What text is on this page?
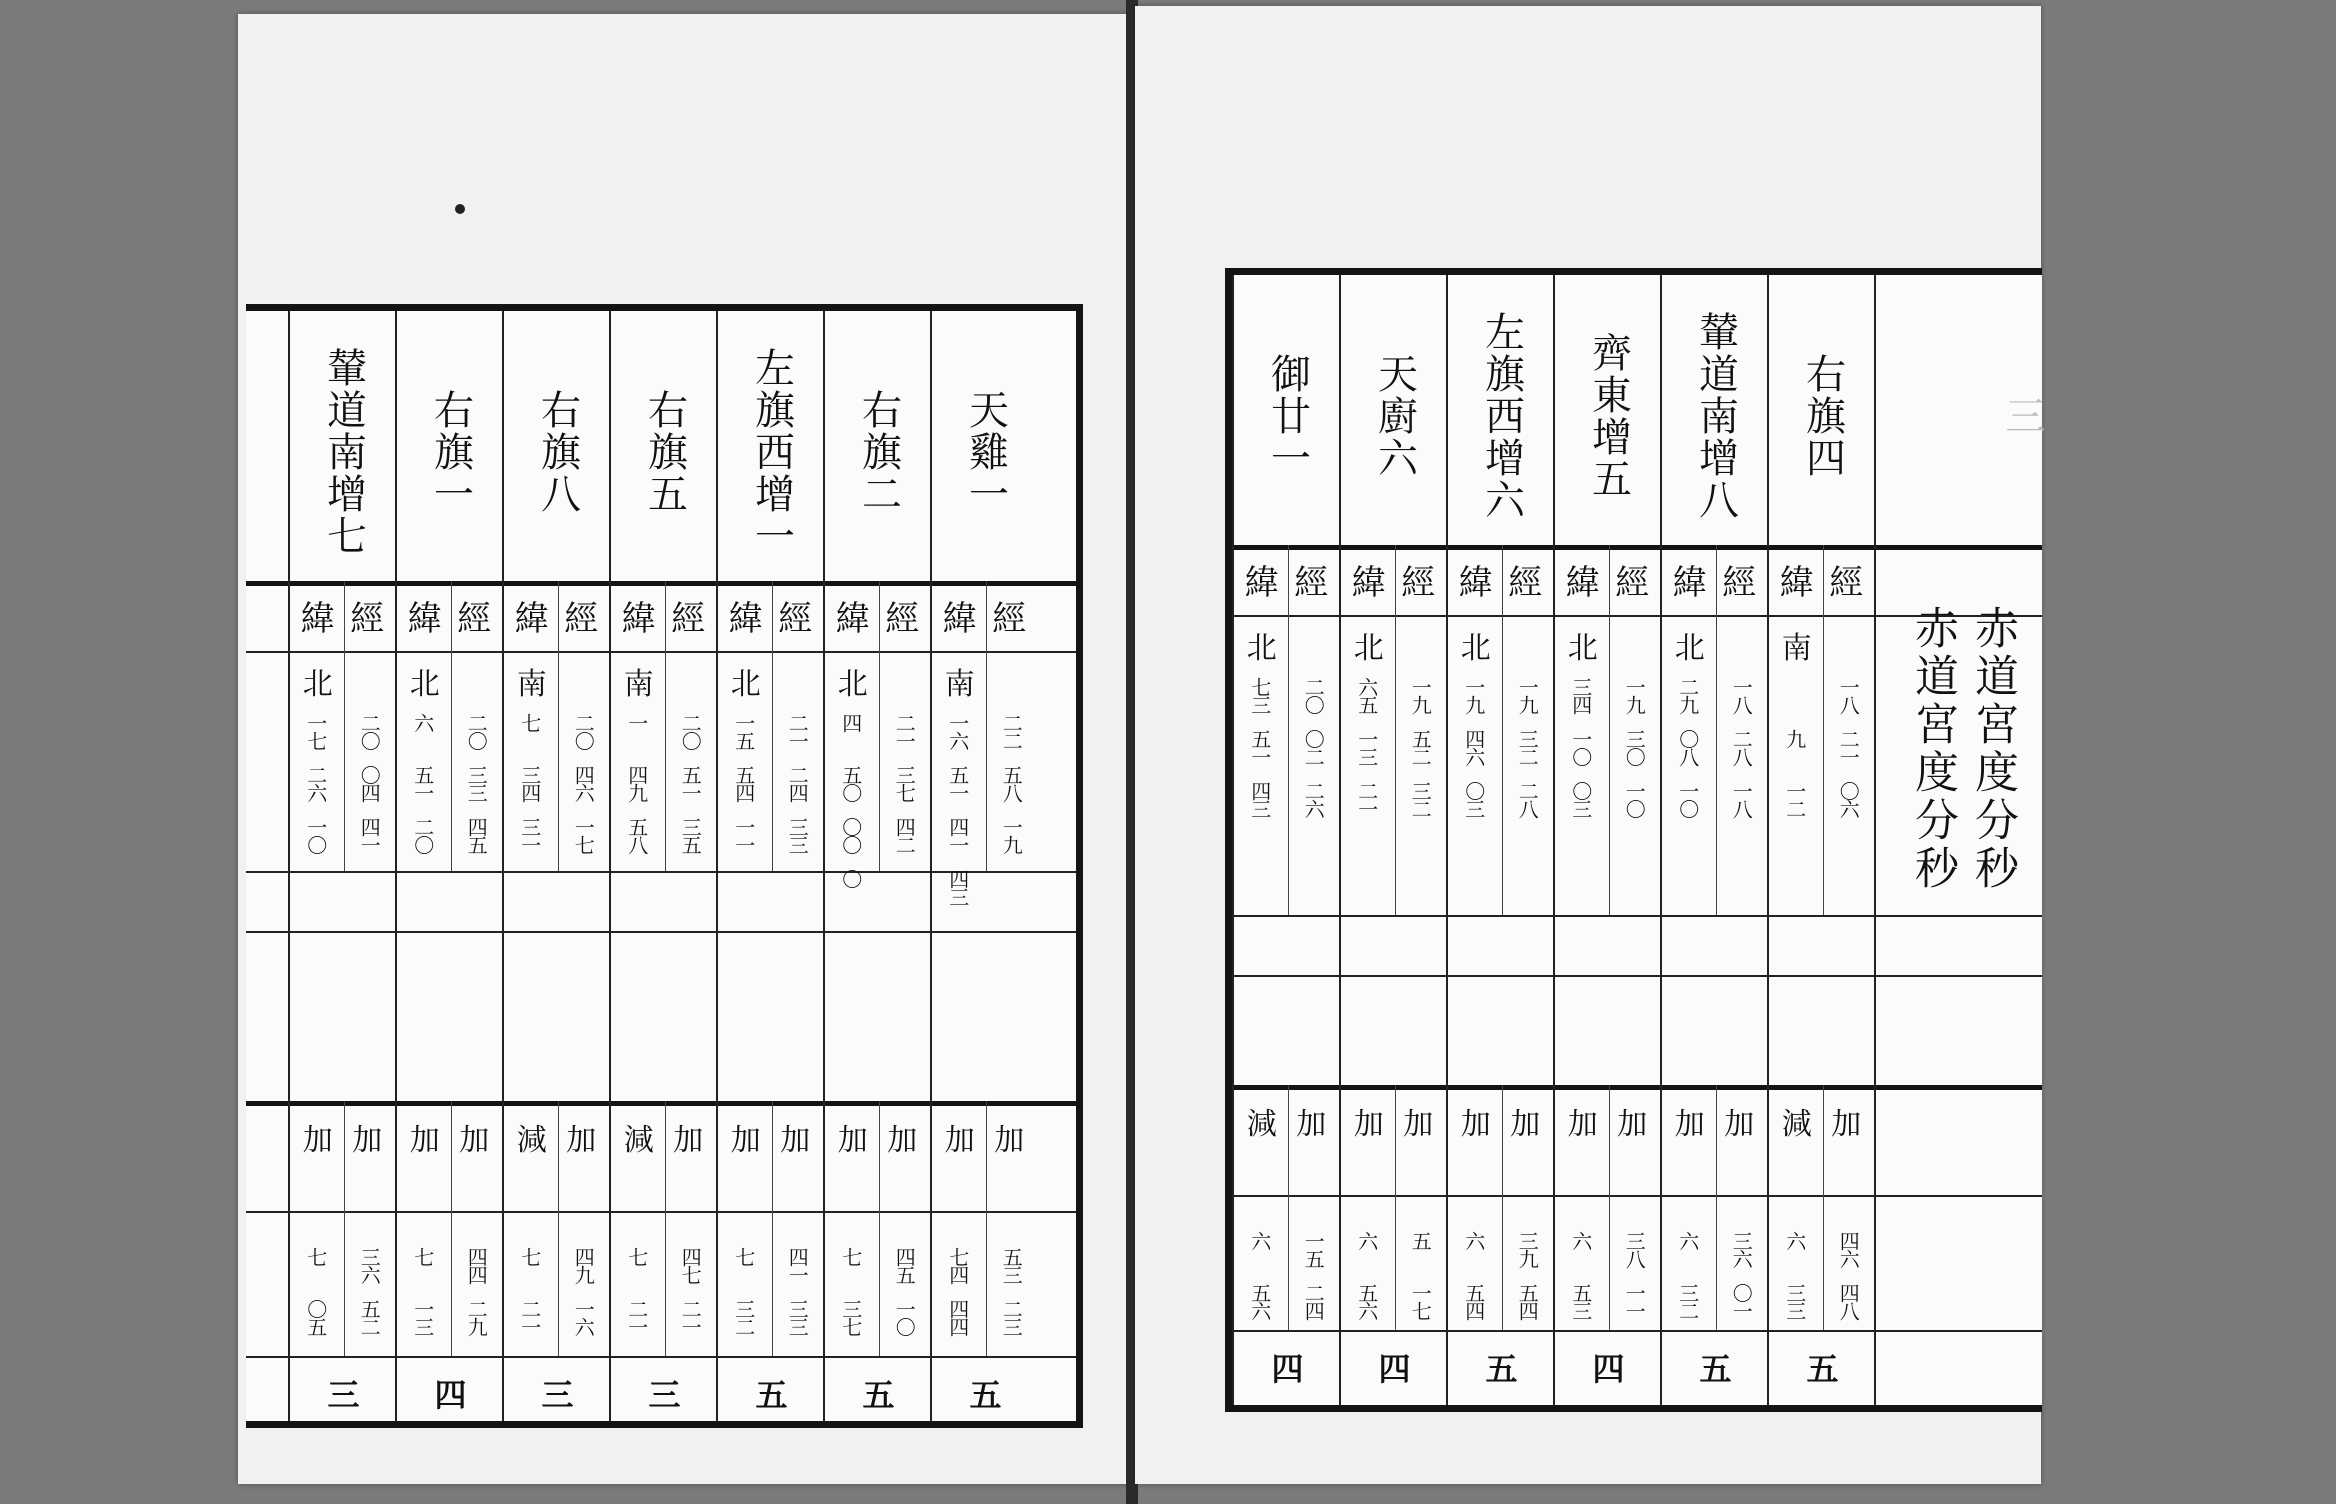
天雞一
緯 經
南
一六
五一
四一
四三
二二
五八
一九
加 加
七四
四四
五三
二三
五
右旗二
緯 經
北
四
五〇
〇〇
〇
二一
三七
四二
加 加
七
三七
四五
一〇
五
左旗西增一
緯 經
北
一五
五四
一一
二一
二四
三三
加 加
七
三二
四一
三三
五
右旗五
緯 經
南
一
四九
五八
二〇
五一
三五
減 加
七
二一
四七
二一
三
右旗八
緯 經
南
七
三四
三一
二〇
四六
一七
減 加
七
二一
四九
一六
三
右旗一
緯 經
北
六
五一
二〇
二〇
三三
四五
加 加
七
一三
四四
二九
四
輦道南增七
緯 經
北
一七
二六
一〇
二〇
〇四
四一
加 加
七
〇五
三六
五二
三
御廿一
緯 經
北
七三
五一
四三
二〇
〇二
二六
減 加
六
五六
一五
二四
四
天廚六
緯 經
北
六五
一三
二一
一九
五二
三二
加 加
六
五六
五
一七
四
左旗西增六
緯 經
北
一九
四六
〇三
一九
三二
二八
加 加
六
五四
三九
五四
五
齊東增五
緯 經
北
三四
一〇
〇三
一九
三〇
一〇
加 加
六
五三
三八
一一
四
輦道南增八
緯 經
北
二九
〇八
一〇
一八
二八
一八
加 加
六
三二
三六
〇一
五
右旗四
緯 經
南
九
一二
一八
二一
〇六
減 加
六
三三
四六
四八
五
三
赤道宮度分秒 赤道宮度分秒
